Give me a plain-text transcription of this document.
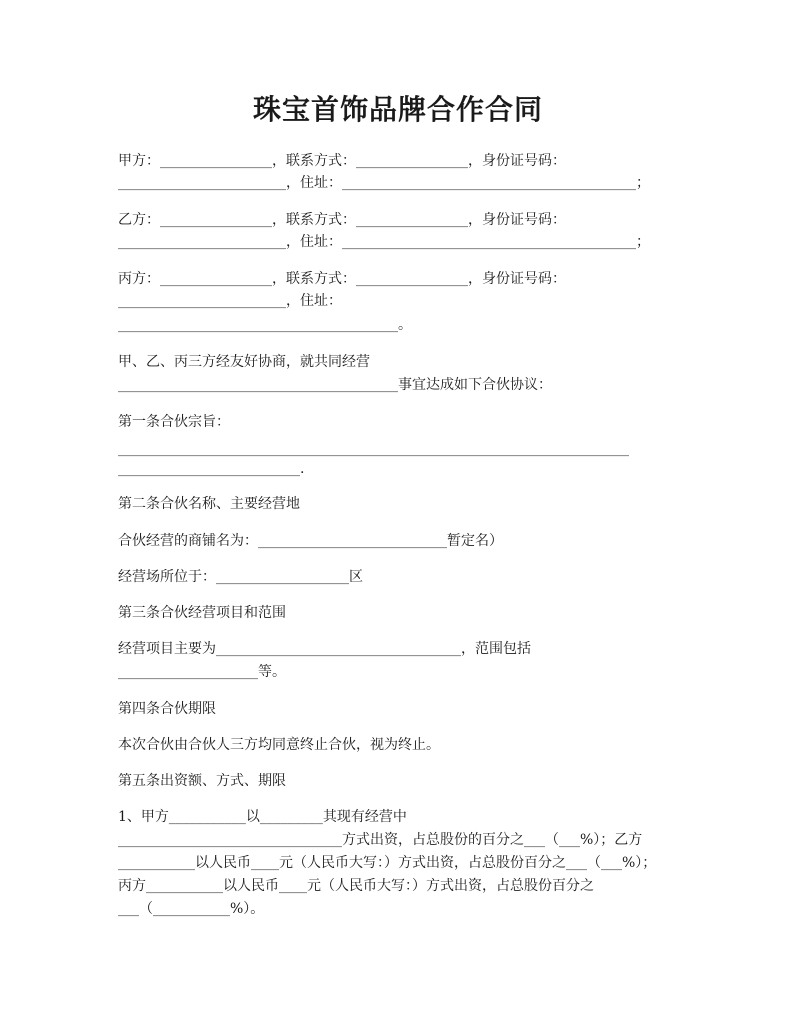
珠宝首饰品牌合作合同
甲方：________________，联系方式：________________，身份证号码：
________________________，住址：__________________________________________；
乙方：________________，联系方式：________________，身份证号码：
________________________，住址：__________________________________________；
丙方：________________，联系方式：________________，身份证号码：
________________________，住址：
________________________________________。
甲、乙、丙三方经友好协商，就共同经营
________________________________________事宜达成如下合伙协议：
第一条合伙宗旨：
_________________________________________________________________________
__________________________.
第二条合伙名称、主要经营地
合伙经营的商铺名为：___________________________暂定名）
经营场所位于：___________________区
第三条合伙经营项目和范围
经营项目主要为___________________________________，范围包括
____________________等。
第四条合伙期限
本次合伙由合伙人三方均同意终止合伙，视为终止。
第五条出资额、方式、期限
1、甲方___________以_________其现有经营中
________________________________方式出资，占总股份的百分之___（___%）；乙方
___________以人民币____元（人民币大写：）方式出资，占总股份百分之___（___%）；
丙方___________以人民币____元（人民币大写：）方式出资，占总股份百分之
___（___________%）。
